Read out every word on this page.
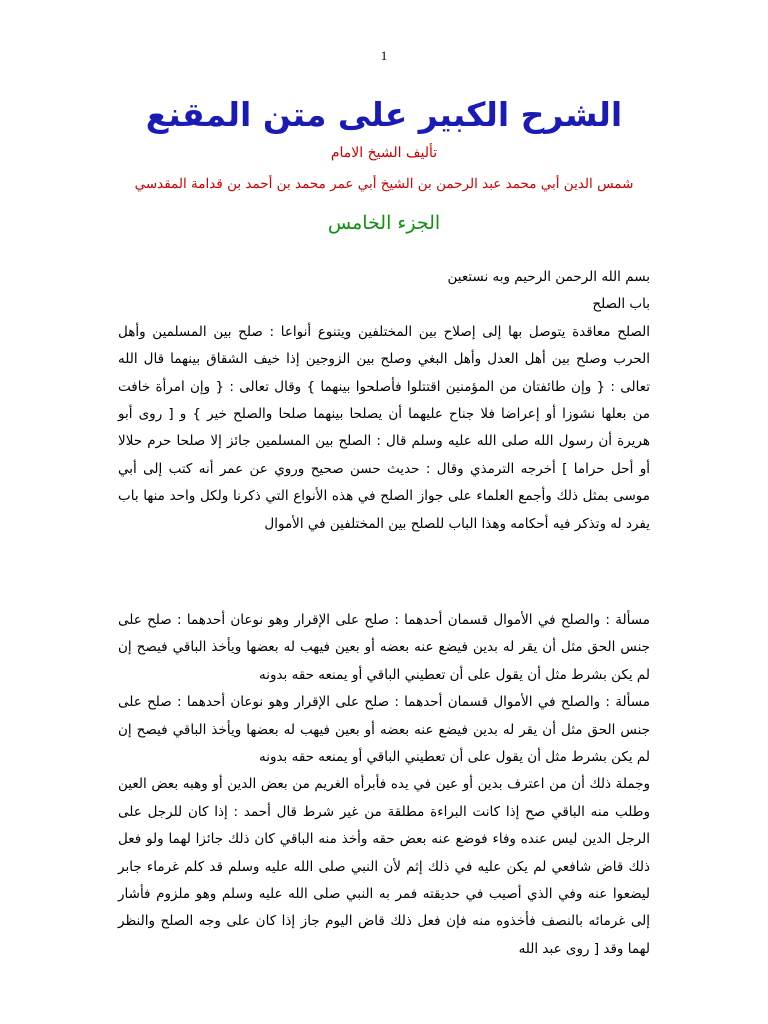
1
الشرح الكبير على متن المقنع
تأليف الشيخ الامام
شمس الدين أبي محمد عبد الرحمن بن الشيخ أبي عمر محمد بن أحمد بن قدامة المقدسي
الجزء الخامس

بسم الله الرحمن الرحيم وبه نستعين

باب الصلح

الصلح معاقدة يتوصل بها إلى إصلاح بين المختلفين ويتنوع أنواعا : صلح بين المسلمين وأهل الحرب وصلح بين أهل العدل وأهل البغي وصلح بين الزوجين إذا خيف الشقاق بينهما قال الله تعالى : { وإن طائفتان من المؤمنين اقتتلوا فأصلحوا بينهما } وقال تعالى : { وإن امرأة خافت من بعلها نشوزا أو إعراضا فلا جناح عليهما أن يصلحا بينهما صلحا والصلح خير } و [ روى أبو هريرة أن رسول الله صلى الله عليه وسلم قال : الصلح بين المسلمين جائز إلا صلحا حرم حلالا أو أحل حراما ] أخرجه الترمذي وقال : حديث حسن صحيح وروي عن عمر أنه كتب إلى أبي موسى بمثل ذلك وأجمع العلماء على جواز الصلح في هذه الأنواع التي ذكرنا ولكل واحد منها باب يفرد له وتذكر فيه أحكامه وهذا الباب للصلح بين المختلفين في الأموال

مسألة : والصلح في الأموال قسمان أحدهما : صلح على الإقرار وهو نوعان أحدهما : صلح على جنس الحق مثل أن يقر له بدين فيضع عنه بعضه أو بعين فيهب له بعضها ويأخذ الباقي فيصح إن لم يكن بشرط مثل أن يقول على أن تعطيني الباقي أو يمنعه حقه بدونه

مسألة : والصلح في الأموال قسمان أحدهما : صلح على الإقرار وهو نوعان أحدهما : صلح على جنس الحق مثل أن يقر له بدين فيضع عنه بعضه أو بعين فيهب له بعضها ويأخذ الباقي فيصح إن لم يكن بشرط مثل أن يقول على أن تعطيني الباقي أو يمنعه حقه بدونه

وجملة ذلك أن من اعترف بدين أو عين في يده فأبرأه الغريم من بعض الدين أو وهبه بعض العين وطلب منه الباقي صح إذا كانت البراءة مطلقة من غير شرط قال أحمد : إذا كان للرجل على الرجل الدين ليس عنده وفاء فوضع عنه بعض حقه وأخذ منه الباقي كان ذلك جائزا لهما ولو فعل ذلك قاض شافعي لم يكن عليه في ذلك إثم لأن النبي صلى الله عليه وسلم قد كلم غرماء جابر ليضعوا عنه وفي الذي أصيب في حديقته فمر به النبي صلى الله عليه وسلم وهو ملزوم فأشار إلى غرمائه بالنصف فأخذوه منه فإن فعل ذلك قاض اليوم جاز إذا كان على وجه الصلح والنظر لهما وقد [ روى عبد الله
